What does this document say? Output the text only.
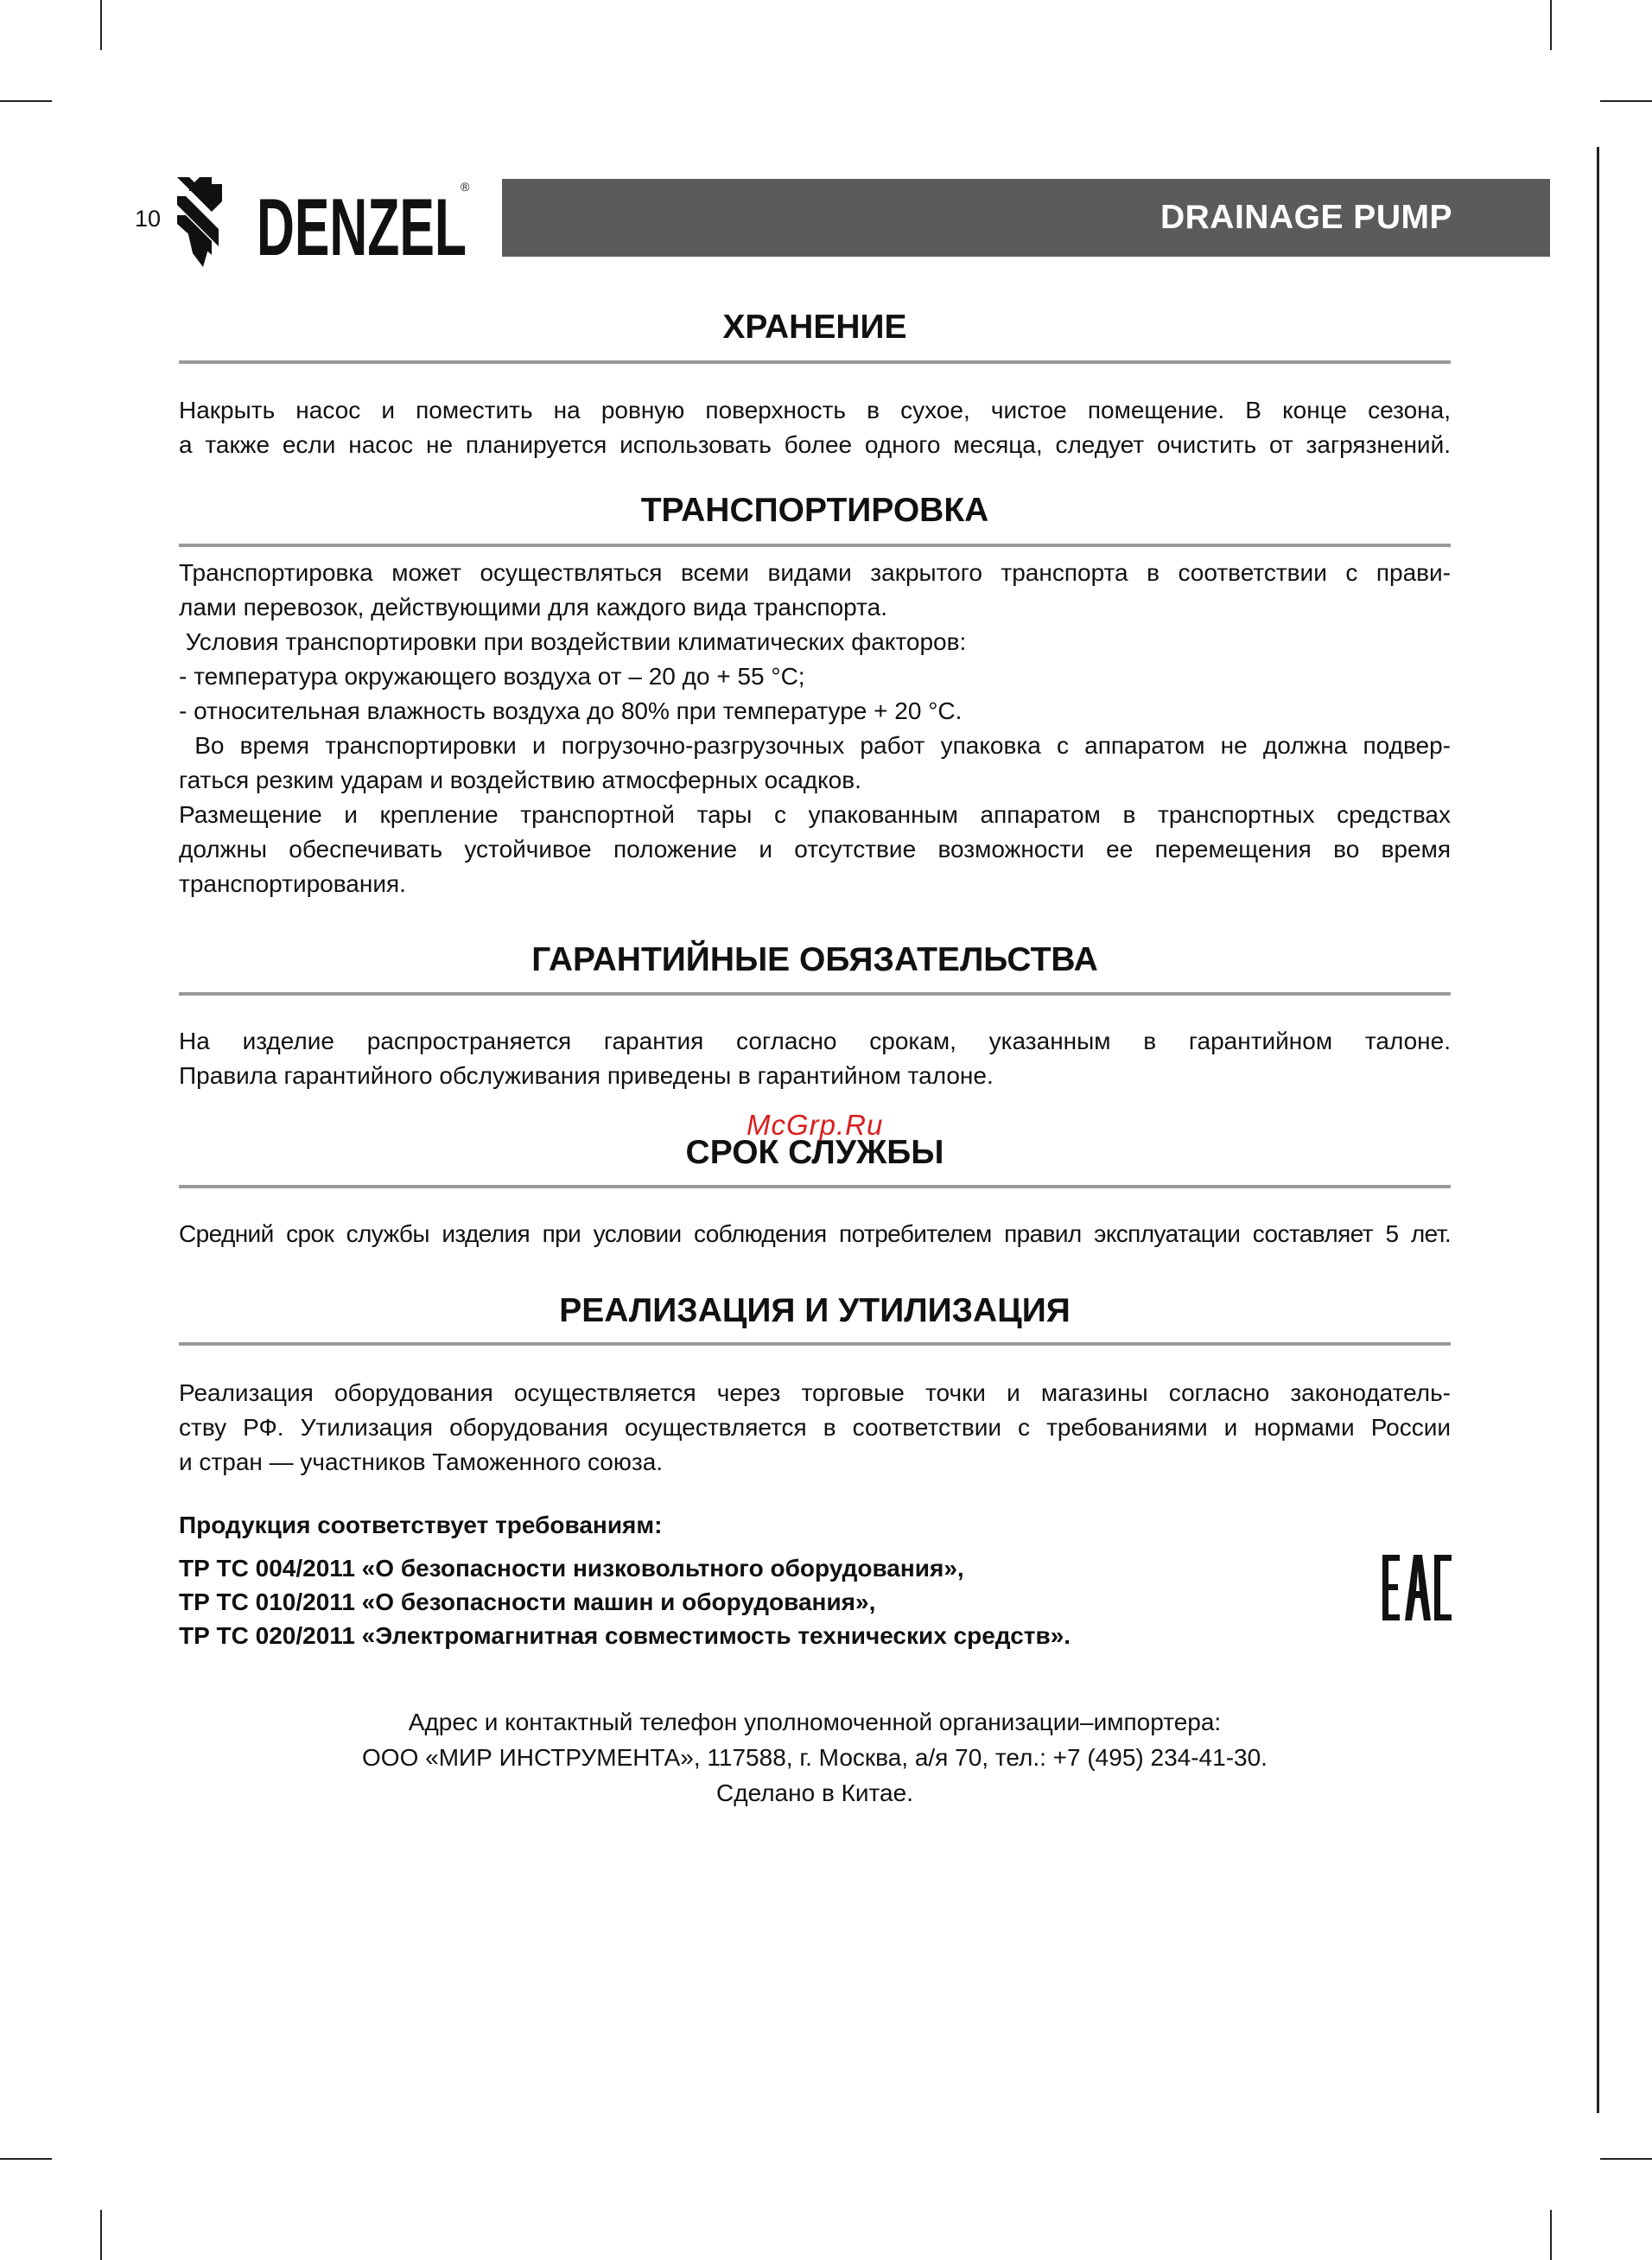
10 DENZEL
®
DRAINAGE PUMP
ХРАНЕНИЕ

Накрыть насос и поместить на ровную поверхность в сухое, чистое помещение. В конце сезона,

а также если насос не планируется использовать более одного месяца, следует очистить от загрязнений.

ТРАНСПОРТИРОВКА

Транспортировка может осуществляться всеми видами закрытого транспорта в соответствии с прави-

лами перевозок, действующими для каждого вида транспорта.

Условия транспортировки при воздействии климатических факторов:

- температура окружающего воздуха от – 20 до + 55 °C;

- относительная влажность воздуха до 80% при температуре + 20 °C.

Во время транспортировки и погрузочно-разгрузочных работ упаковка с аппаратом не должна подвер-

гаться резким ударам и воздействию атмосферных осадков.

Размещение и крепление транспортной тары с упакованным аппаратом в транспортных средствах

должны обеспечивать устойчивое положение и отсутствие возможности ее перемещения во время

транспортирования.

ГАРАНТИЙНЫЕ ОБЯЗАТЕЛЬСТВА

На изделие распространяется гарантия согласно срокам, указанным в гарантийном талоне.

Правила гарантийного обслуживания приведены в гарантийном талоне.

СРОК СЛУЖБЫ

Средний срок службы изделия при условии соблюдения потребителем правил эксплуатации составляет 5 лет.

РЕАЛИЗАЦИЯ И УТИЛИЗАЦИЯ

Реализация оборудования осуществляется через торговые точки и магазины согласно законодатель-

ству РФ. Утилизация оборудования осуществляется в соответствии с требованиями и нормами России

и стран — участников Таможенного союза.

Продукция соответствует требованиям:
ТР ТС 004/2011 «О безопасности низковольтного оборудования»,
ТР ТС 010/2011 «О безопасности машин и оборудования»,
ТР ТС 020/2011 «Электромагнитная совместимость технических средств».
Адрес и контактный телефон уполномоченной организации–импортера:
ООО «МИР ИНСТРУМЕНТА», 117588, г. Москва, а/я 70, тел.: +7 (495) 234-41-30.
Сделано в Китае.
McGrp.Ru
